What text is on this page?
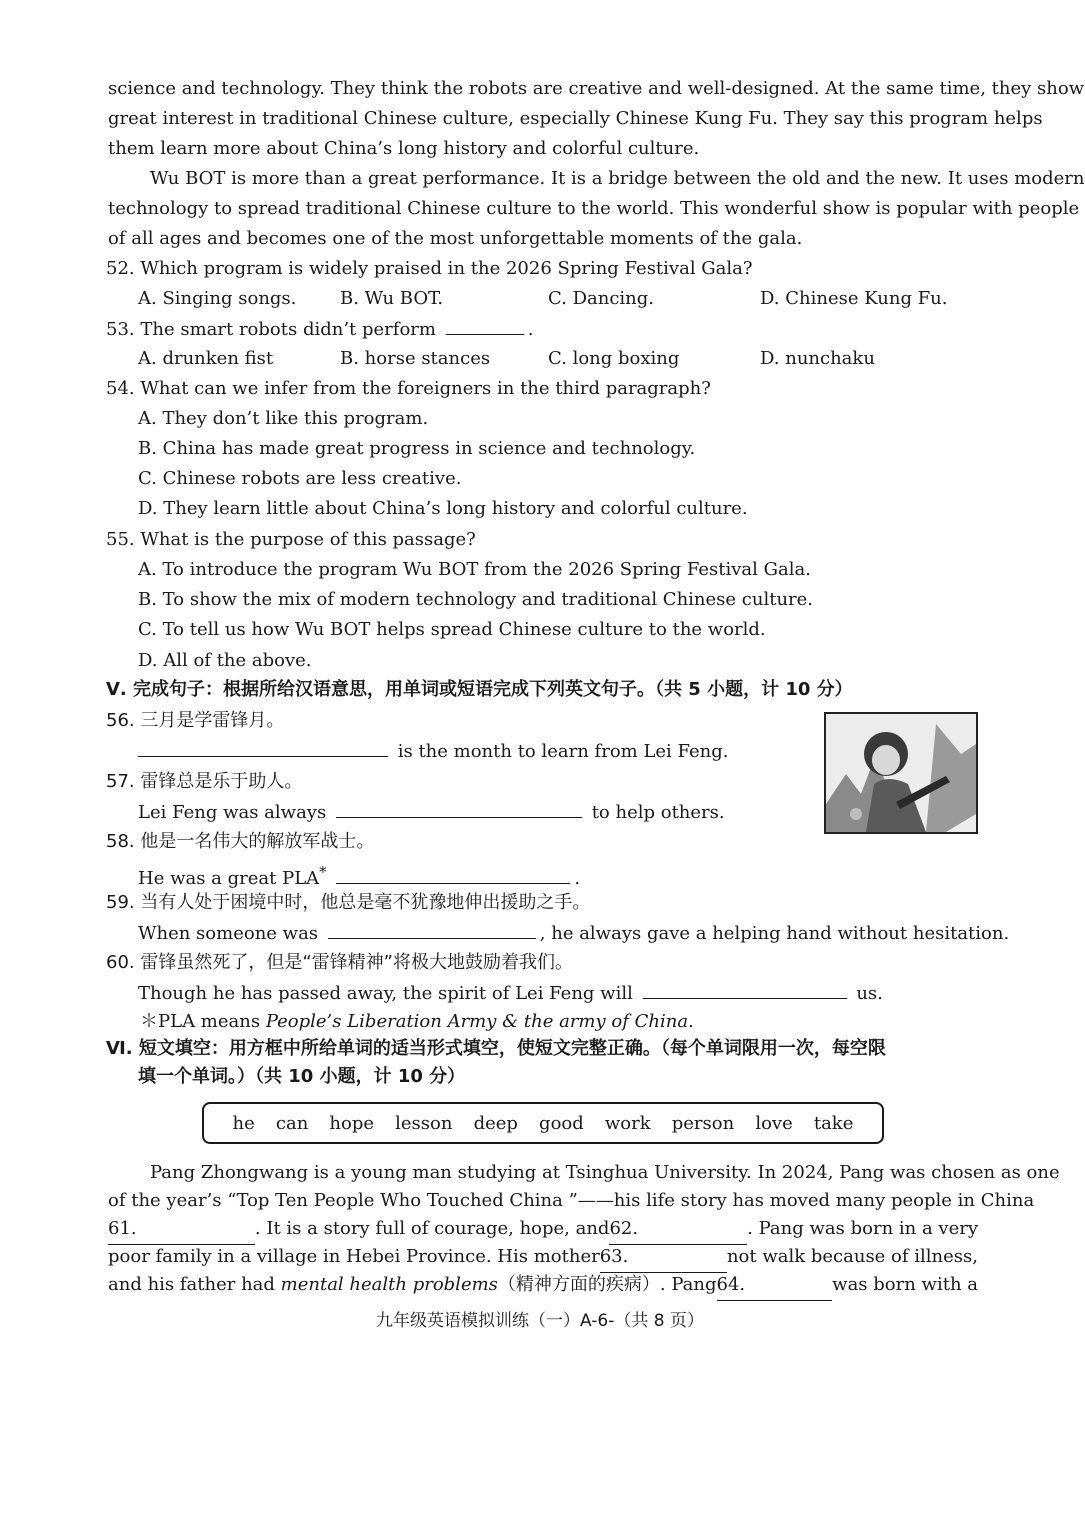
science and technology. They think the robots are creative and well-designed. At the same time, they show
great interest in traditional Chinese culture, especially Chinese Kung Fu. They say this program helps
them learn more about China’s long history and colorful culture.
Wu BOT is more than a great performance. It is a bridge between the old and the new. It uses modern
technology to spread traditional Chinese culture to the world. This wonderful show is popular with people
of all ages and becomes one of the most unforgettable moments of the gala.
52. Which program is widely praised in the 2026 Spring Festival Gala?
A. Singing songs.	B. Wu BOT.	C. Dancing.	D. Chinese Kung Fu.
53. The smart robots didn’t perform	.
A. drunken fist	B. horse stances	C. long boxing	D. nunchaku
54. What can we infer from the foreigners in the third paragraph?
A. They don’t like this program.
B. China has made great progress in science and technology.
C. Chinese robots are less creative.
D. They learn little about China’s long history and colorful culture.
55. What is the purpose of this passage?
A. To introduce the program Wu BOT from the 2026 Spring Festival Gala.
B. To show the mix of modern technology and traditional Chinese culture.
C. To tell us how Wu BOT helps spread Chinese culture to the world.
D. All of the above.
Ⅴ. 完成句子：根据所给汉语意思，用单词或短语完成下列英文句子。（共 5 小题，计 10 分）
56. 三月是学雷锋月。
is the month to learn from Lei Feng.
57. 雷锋总是乐于助人。
Lei Feng was always	to help others.
58. 他是一名伟大的解放军战士。
He was a great PLA*	.
59. 当有人处于困境中时，他总是毫不犹豫地伸出援助之手。
When someone was	, he always gave a helping hand without hesitation.
60. 雷锋虽然死了，但是“雷锋精神”将极大地鼓励着我们。
Though he has passed away, the spirit of Lei Feng will	us.
＊PLA means People’s Liberation Army & the army of China.
Ⅵ. 短文填空：用方框中所给单词的适当形式填空，使短文完整正确。（每个单词限用一次，每空限
填一个单词。）（共 10 小题，计 10 分）
he can hope lesson deep good work person love take
Pang Zhongwang is a young man studying at Tsinghua University. In 2024, Pang was chosen as one
of the year’s “Top Ten People Who Touched China ”——his life story has moved many people in China
61.	. It is a story full of courage, hope, and 62.	. Pang was born in a very
poor family in a village in Hebei Province. His mother 63.	not walk because of illness,
and his father had mental health problems（精神方面的疾病）. Pang 64.	was born with a
九年级英语模拟训练（一）A-6-（共 8 页）
